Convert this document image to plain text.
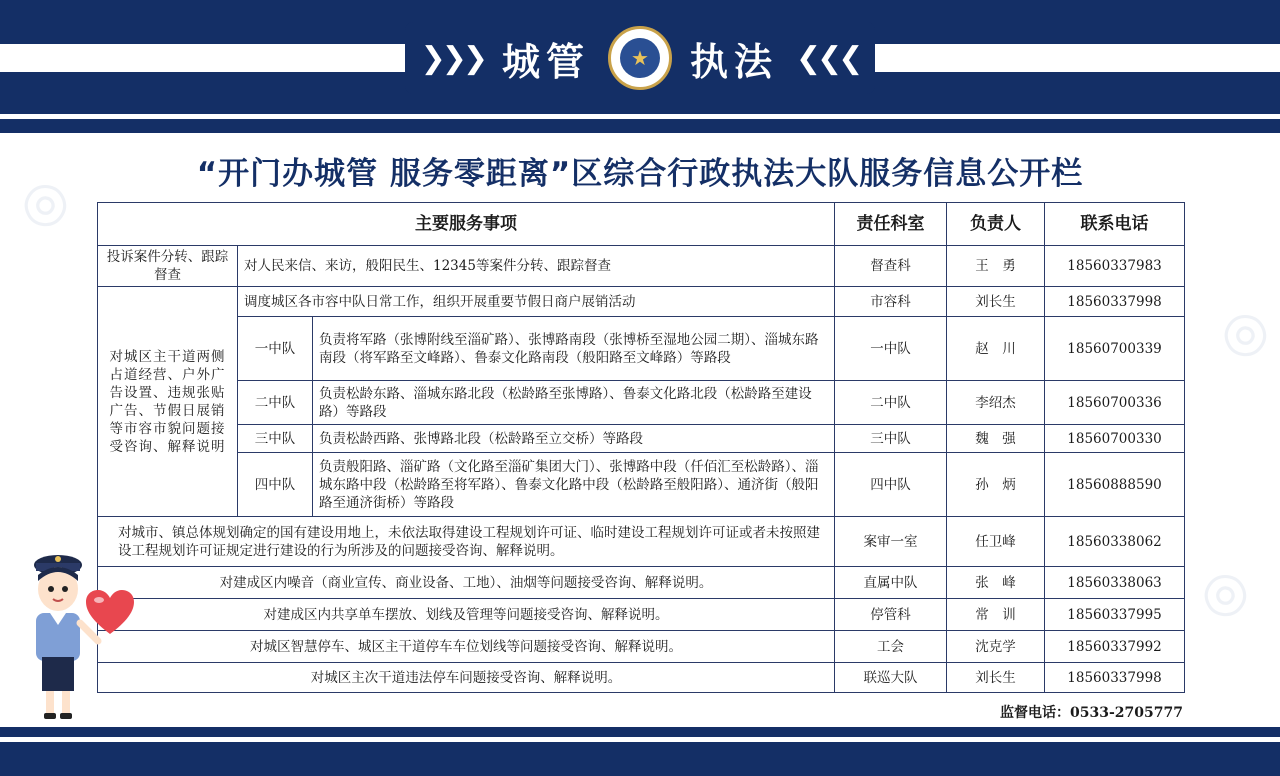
❯❯❯ 城管	★ 执法 ❮❮❮
◎
◎
◎
“开门办城管 服务零距离”区综合行政执法大队服务信息公开栏
主要服务事项			责任科室	负责人	联系电话
投诉案件分转、跟踪督查	对人民来信、来访，般阳民生、12345等案件分转、跟踪督查		督查科	王　勇	18560337983
对城区主干道两侧占道经营、户外广告设置、违规张贴广告、节假日展销等市容市貌问题接受咨询、解释说明	调度城区各市容中队日常工作，组织开展重要节假日商户展销活动		市容科	刘长生	18560337998
	一中队	负责将军路（张博附线至淄矿路）、张博路南段（张博桥至湿地公园二期）、淄城东路南段（将军路至文峰路）、鲁泰文化路南段（般阳路至文峰路）等路段	一中队	赵　川	18560700339
	二中队	负责松龄东路、淄城东路北段（松龄路至张博路）、鲁泰文化路北段（松龄路至建设路）等路段	二中队	李绍杰	18560700336
	三中队	负责松龄西路、张博路北段（松龄路至立交桥）等路段	三中队	魏　强	18560700330
	四中队	负责般阳路、淄矿路（文化路至淄矿集团大门）、张博路中段（仟佰汇至松龄路）、淄城东路中段（松龄路至将军路）、鲁泰文化路中段（松龄路至般阳路）、通济街（般阳路至通济街桥）等路段	四中队	孙　炳	18560888590
对城市、镇总体规划确定的国有建设用地上，未依法取得建设工程规划许可证、临时建设工程规划许可证或者未按照建设工程规划许可证规定进行建设的行为所涉及的问题接受咨询、解释说明。			案审一室	任卫峰	18560338062
对建成区内噪音（商业宣传、商业设备、工地）、油烟等问题接受咨询、解释说明。			直属中队	张　峰	18560338063
对建成区内共享单车摆放、划线及管理等问题接受咨询、解释说明。			停管科	常　训	18560337995
对城区智慧停车、城区主干道停车车位划线等问题接受咨询、解释说明。			工会	沈克学	18560337992
对城区主次干道违法停车问题接受咨询、解释说明。			联巡大队	刘长生	18560337998
监督电话：0533-2705777
